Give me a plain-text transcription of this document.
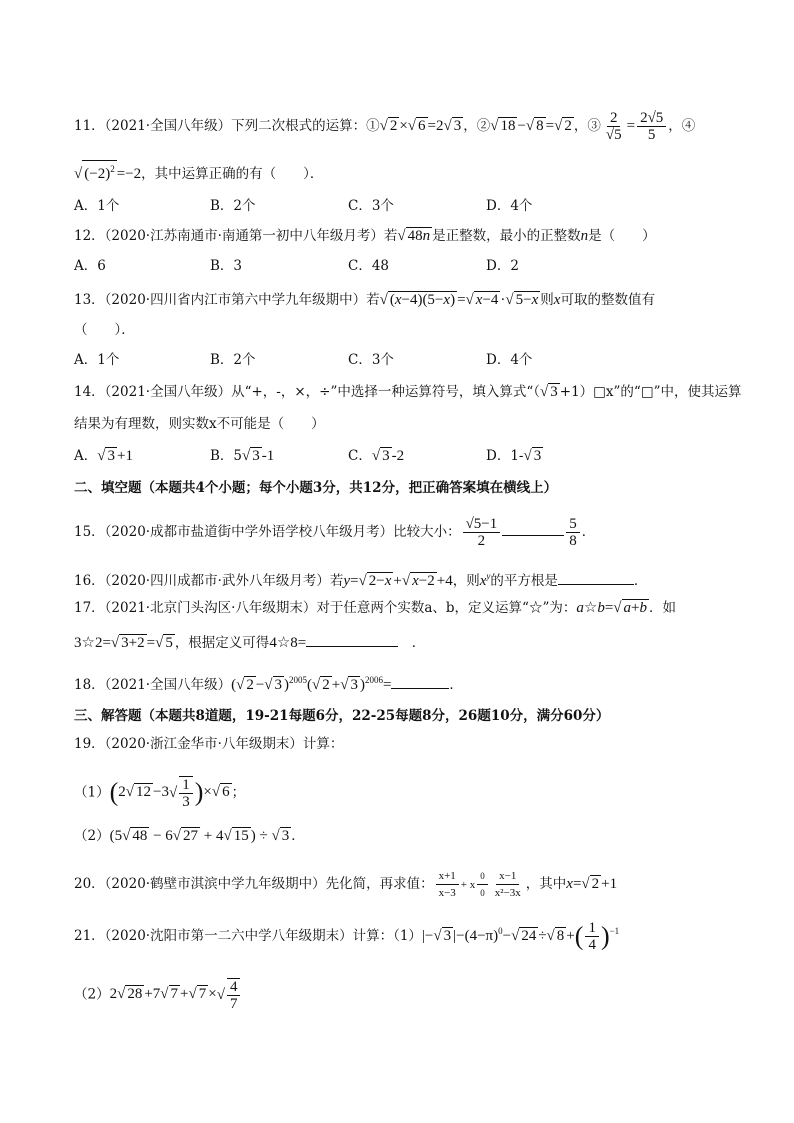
11．（2021·全国八年级）下列二次根式的运算：①√ 2 ×√ 6 =2√ 3 ，②√ 18 −√ 8 =√ 2 ，③ $\frac{2}{√5} = \frac{2√5}{5}$ ，④
√ $(-2)^2 =-2$，其中运算正确的有（　　）．
A．1个	B．2个	C．3个	D．4个
12．（2020·江苏南通市·南通第一初中八年级月考）若√ 48n 是正整数，最小的正整数n是（　　）
A．6	B．3	C．48	D．2
13．（2020·四川省内江市第六中学九年级期中）若√ (x−4)(5−x) =√ x−4 ·√ 5−x 则x可取的整数值有
（　　）．
A．1个	B．2个	C．3个	D．4个
14．（2021·全国八年级）从“+，-，×，÷”中选择一种运算符号，填入算式“（√ 3 +1）□x”的“□”中，使其运算
结果为有理数，则实数x不可能是（　　）
A．√ 3 +1	B．5√ 3 -1	C．√ 3 -2	D．1-√ 3
二、填空题（本题共4个小题；每个小题3分，共12分，把正确答案填在横线上）
15．（2020·成都市盐道街中学外语学校八年级月考）比较大小： $\frac{√5-1}{2}$	$\frac{5}{8}$ ．
16．（2020·四川成都市·武外八年级月考）若y=√ 2−x +√ x−2 +4，则$x^y$的平方根是	．
17．（2021·北京门头沟区·八年级期末）对于任意两个实数a、b，定义运算“☆”为：a☆b=√ a+b ．如
3☆2=√ 3+2 =√ 5 ，根据定义可得4☆8=	　．
18．（2021·全国八年级）(√ 2 −√ 3 )$^{2005}$(√ 2 +√ 3 )$^{2006}$=	．
三、解答题（本题共8道题，19-21每题6分，22-25每题8分，26题10分，满分60分）
19．（2020·浙江金华市·八年级期末）计算：
（1）(2√ $12 -3√ \frac{1}{3}$ )×√ 6 ；
（2）(5√ 48 − 6√ 27 + 4√ 15 ) ÷ √ 3 ．
20．（2020·鹤壁市淇滨中学九年级期中）先化简，再求值： $\frac{x+1}{x-3} + x \frac{0}{0} \frac{x-1}{\text{x²−3x}}$ ，其中x=√ 2 +1
21．（2020·沈阳市第一二六中学八年级期末）计算：（1）|−√ 3 $|-(4-\pi)^0-√$ 24 ÷√ 8 +( $\frac{1}{4} )^{-1}$
（2）2√ 28 +7√ 7 +√ 7 ×√ $\frac{4}{7}$
